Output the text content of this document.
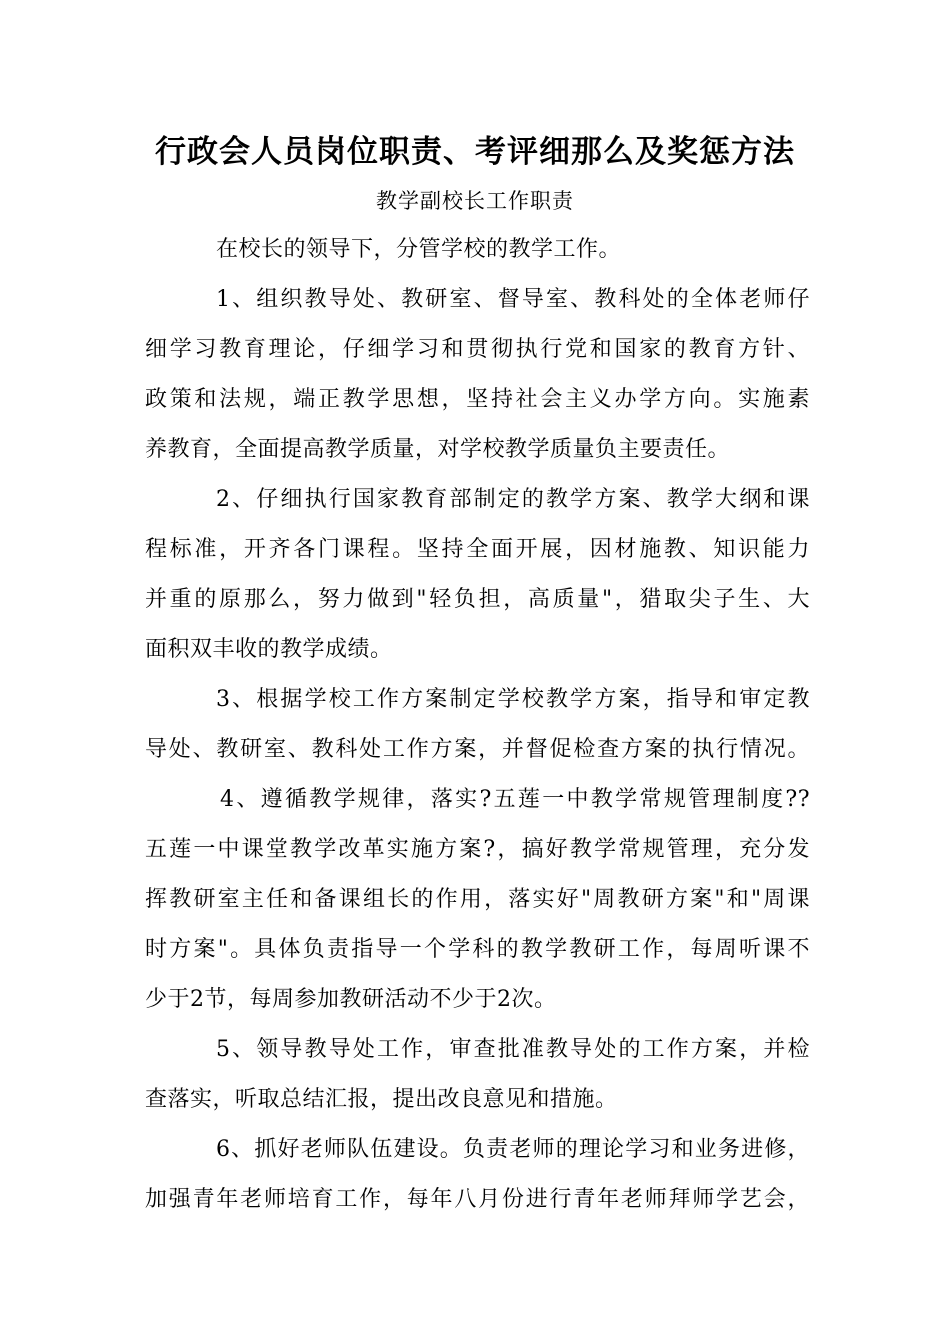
行政会人员岗位职责、考评细那么及奖惩方法
教学副校长工作职责
在校长的领导下，分管学校的教学工作。
1、组织教导处、教研室、督导室、教科处的全体老师仔
细学习教育理论，仔细学习和贯彻执行党和国家的教育方针、
政策和法规，端正教学思想，坚持社会主义办学方向。实施素
养教育，全面提高教学质量，对学校教学质量负主要责任。
2、仔细执行国家教育部制定的教学方案、教学大纲和课
程标准，开齐各门课程。坚持全面开展，因材施教、知识能力
并重的原那么，努力做到"轻负担，高质量"，猎取尖子生、大
面积双丰收的教学成绩。
3、根据学校工作方案制定学校教学方案，指导和审定教
导处、教研室、教科处工作方案，并督促检查方案的执行情况。
4、遵循教学规律，落实?五莲一中教学常规管理制度??
五莲一中课堂教学改革实施方案?，搞好教学常规管理，充分发
挥教研室主任和备课组长的作用，落实好"周教研方案"和"周课
时方案"。具体负责指导一个学科的教学教研工作，每周听课不
少于2节，每周参加教研活动不少于2次。
5、领导教导处工作，审查批准教导处的工作方案，并检
查落实，听取总结汇报，提出改良意见和措施。
6、抓好老师队伍建设。负责老师的理论学习和业务进修，
加强青年老师培育工作，每年八月份进行青年老师拜师学艺会，
